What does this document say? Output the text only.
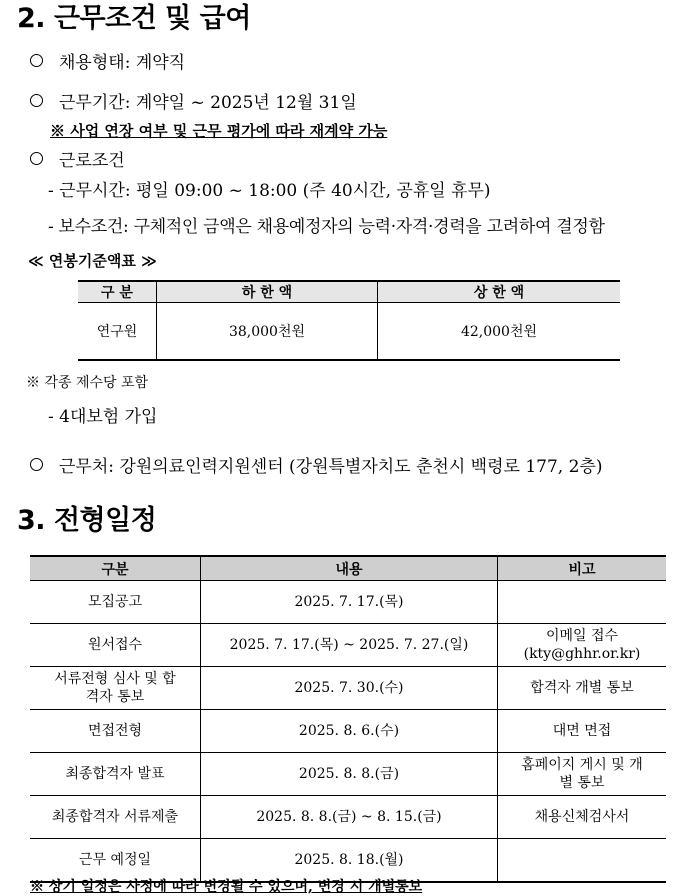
2. 근무조건 및 급여
채용형태: 계약직
근무기간: 계약일 ~ 2025년 12월 31일
※ 사업 연장 여부 및 근무 평가에 따라 재계약 가능
근로조건
- 근무시간: 평일 09:00 ~ 18:00 (주 40시간, 공휴일 휴무)
- 보수조건: 구체적인 금액은 채용예정자의 능력·자격·경력을 고려하여 결정함
≪ 연봉기준액표 ≫
구 분	하 한 액	상 한 액
연구원	38,000천원	42,000천원
※ 각종 제수당 포함
- 4대보험 가입
근무처: 강원의료인력지원센터 (강원특별자치도 춘천시 백령로 177, 2층)
3. 전형일정
구분	내용	비고
모집공고	2025. 7. 17.(목)	
원서접수	2025. 7. 17.(목) ~ 2025. 7. 27.(일)	이메일 접수 (kty@ghhr.or.kr)

서류전형 심사 및 합격자 통보	2025. 7. 30.(수)	합격자 개별 통보
면접전형	2025. 8. 6.(수)	대면 면접
최종합격자 발표	2025. 8. 8.(금)	홈페이지 게시 및 개별 통보

최종합격자 서류제출	2025. 8. 8.(금) ~ 8. 15.(금)	채용신체검사서
근무 예정일	2025. 8. 18.(월)	
※ 상기 일정은 사정에 따라 변경될 수 있으며, 변경 시 개별통보
